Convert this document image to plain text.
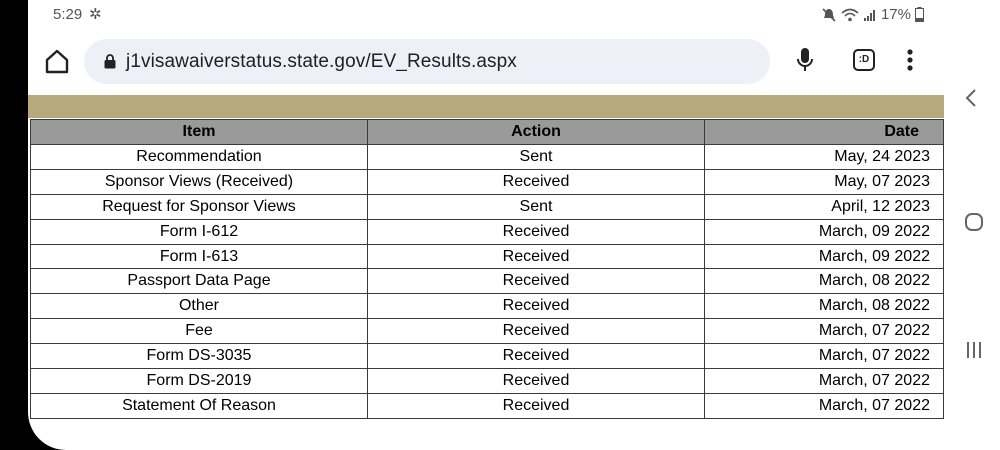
5:29 ✲	17%
j1visawaiverstatus.state.gov/EV_Results.aspx	:D
Item	Action	Date
Recommendation	Sent	May, 24 2023
Sponsor Views (Received)	Received	May, 07 2023
Request for Sponsor Views	Sent	April, 12 2023
Form I-612	Received	March, 09 2022
Form I-613	Received	March, 09 2022
Passport Data Page	Received	March, 08 2022
Other	Received	March, 08 2022
Fee	Received	March, 07 2022
Form DS-3035	Received	March, 07 2022
Form DS-2019	Received	March, 07 2022
Statement Of Reason	Received	March, 07 2022
